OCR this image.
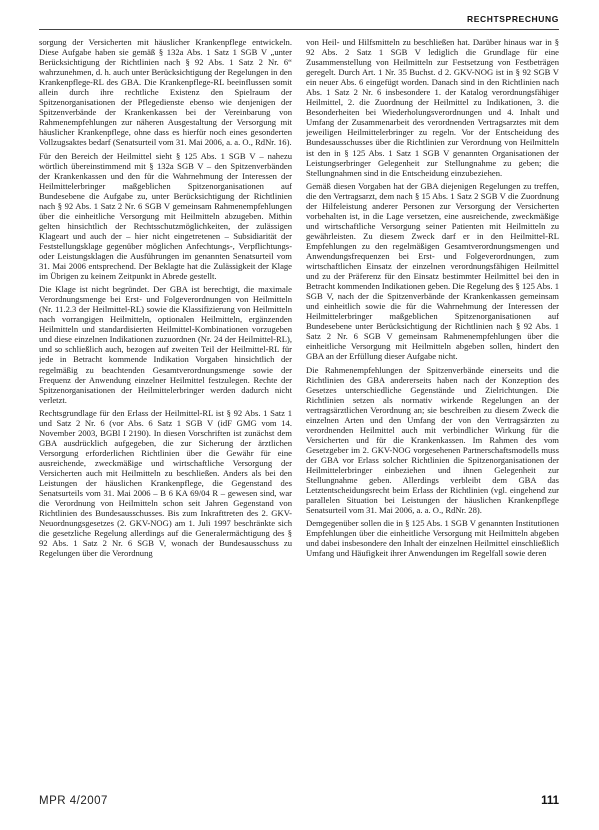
RECHTSPRECHUNG

sorgung der Versicherten mit häuslicher Krankenpflege entwickeln. Diese Aufgabe haben sie gemäß § 132a Abs. 1 Satz 1 SGB V „unter Berücksichtigung der Richtlinien nach § 92 Abs. 1 Satz 2 Nr. 6“ wahrzunehmen, d. h. auch unter Berücksichtigung der Regelungen in den Krankenpflege-RL des GBA. Die Krankenpflege-RL beeinflussen somit allein durch ihre rechtliche Existenz den Spielraum der Spitzenorganisationen der Pflegedienste ebenso wie denjenigen der Spitzenverbände der Krankenkassen bei der Vereinbarung von Rahmenempfehlungen zur näheren Ausgestaltung der Versorgung mit häuslicher Krankenpflege, ohne dass es hierfür noch eines gesonderten Vollzugsaktes bedarf (Senatsurteil vom 31. Mai 2006, a. a. O., RdNr. 16).

Für den Bereich der Heilmittel sieht § 125 Abs. 1 SGB V – nahezu wörtlich übereinstimmend mit § 132a SGB V – den Spitzenverbänden der Krankenkassen und den für die Wahrnehmung der Interessen der Heilmittelerbringer maßgeblichen Spitzenorganisationen auf Bundesebene die Aufgabe zu, unter Berücksichtigung der Richtlinien nach § 92 Abs. 1 Satz 2 Nr. 6 SGB V gemeinsam Rahmenempfehlungen über die einheitliche Versorgung mit Heilmitteln abzugeben. Mithin gelten hinsichtlich der Rechtsschutzmöglichkeiten, der zulässigen Klageart und auch der – hier nicht eingetretenen – Subsidiarität der Feststellungsklage gegenüber möglichen Anfechtungs-, Verpflichtungs- oder Leistungsklagen die Ausführungen im genannten Senatsurteil vom 31. Mai 2006 entsprechend. Der Beklagte hat die Zulässigkeit der Klage im Übrigen zu keinem Zeitpunkt in Abrede gestellt.

Die Klage ist nicht begründet. Der GBA ist berechtigt, die maximale Verordnungsmenge bei Erst- und Folgeverordnungen von Heilmitteln (Nr. 11.2.3 der Heilmittel-RL) sowie die Klassifizierung von Heilmitteln nach vorrangigen Heilmitteln, optionalen Heilmitteln, ergänzenden Heilmitteln und standardisierten Heilmittel-Kombinationen vorzugeben und diese einzelnen Indikationen zuzuordnen (Nr. 24 der Heilmittel-RL), und so schließlich auch, bezogen auf zweiten Teil der Heilmittel-RL für jede in Betracht kommende Indikation Vorgaben hinsichtlich der regelmäßig zu beachtenden Gesamtverordnungsmenge sowie der Frequenz der Anwendung einzelner Heilmittel festzulegen. Rechte der Spitzenorganisationen der Heilmittelerbringer werden dadurch nicht verletzt.

Rechtsgrundlage für den Erlass der Heilmittel-RL ist § 92 Abs. 1 Satz 1 und Satz 2 Nr. 6 (vor Abs. 6 Satz 1 SGB V (idF GMG vom 14. November 2003, BGBl I 2190). In diesen Vorschriften ist zunächst dem GBA ausdrücklich aufgegeben, die zur Sicherung der ärztlichen Versorgung erforderlichen Richtlinien über die Gewähr für eine ausreichende, zweckmäßige und wirtschaftliche Versorgung der Versicherten auch mit Heilmitteln zu beschließen. Anders als bei den Leistungen der häuslichen Krankenpflege, die Gegenstand des Senatsurteils vom 31. Mai 2006 – B 6 KA 69/04 R – gewesen sind, war die Verordnung von Heilmitteln schon seit Jahren Gegenstand von Richtlinien des Bundesausschusses. Bis zum Inkrafttreten des 2. GKV-Neuordnungsgesetzes (2. GKV-NOG) am 1. Juli 1997 beschränkte sich die gesetzliche Regelung allerdings auf die Generalermächtigung des § 92 Abs. 1 Satz 2 Nr. 6 SGB V, wonach der Bundesausschuss zu Regelungen über die Verordnung

von Heil- und Hilfsmitteln zu beschließen hat. Darüber hinaus war in § 92 Abs. 2 Satz 1 SGB V lediglich die Grundlage für eine Zusammenstellung von Heilmitteln zur Festsetzung von Festbeträgen geregelt. Durch Art. 1 Nr. 35 Buchst. d 2. GKV-NOG ist in § 92 SGB V ein neuer Abs. 6 eingefügt worden. Danach sind in den Richtlinien nach Abs. 1 Satz 2 Nr. 6 insbesondere 1. der Katalog verordnungsfähiger Heilmittel, 2. die Zuordnung der Heilmittel zu Indikationen, 3. die Besonderheiten bei Wiederholungsverordnungen und 4. Inhalt und Umfang der Zusammenarbeit des verordnenden Vertragsarztes mit dem jeweiligen Heilmittelerbringer zu regeln. Vor der Entscheidung des Bundesausschusses über die Richtlinien zur Verordnung von Heilmitteln ist den in § 125 Abs. 1 Satz 1 SGB V genannten Organisationen der Leistungserbringer Gelegenheit zur Stellungnahme zu geben; die Stellungnahmen sind in die Entscheidung einzubeziehen.

Gemäß diesen Vorgaben hat der GBA diejenigen Regelungen zu treffen, die den Vertragsarzt, dem nach § 15 Abs. 1 Satz 2 SGB V die Zuordnung der Hilfeleistung anderer Personen zur Versorgung der Versicherten vorbehalten ist, in die Lage versetzen, eine ausreichende, zweckmäßige und wirtschaftliche Versorgung seiner Patienten mit Heilmitteln zu gewährleisten. Zu diesem Zweck darf er in den Heilmittel-RL Empfehlungen zu den regelmäßigen Gesamtverordnungsmengen und Anwendungsfrequenzen bei Erst- und Folgeverordnungen, zum wirtschaftlichen Einsatz der einzelnen verordnungsfähigen Heilmittel und zu der Präferenz für den Einsatz bestimmter Heilmittel bei den in Betracht kommenden Indikationen geben. Die Regelung des § 125 Abs. 1 SGB V, nach der die Spitzenverbände der Krankenkassen gemeinsam und einheitlich sowie die für die Wahrnehmung der Interessen der Heilmittelerbringer maßgeblichen Spitzenorganisationen auf Bundesebene unter Berücksichtigung der Richtlinien nach § 92 Abs. 1 Satz 2 Nr. 6 SGB V gemeinsam Rahmenempfehlungen über die einheitliche Versorgung mit Heilmitteln abgeben sollen, hindert den GBA an der Erfüllung dieser Aufgabe nicht.

Die Rahmenempfehlungen der Spitzenverbände einerseits und die Richtlinien des GBA andererseits haben nach der Konzeption des Gesetzes unterschiedliche Gegenstände und Zielrichtungen. Die Richtlinien setzen als normativ wirkende Regelungen an der vertragsärztlichen Verordnung an; sie beschreiben zu diesem Zweck die einzelnen Arten und den Umfang der von den Vertragsärzten zu verordnenden Heilmittel auch mit verbindlicher Wirkung für die Versicherten und für die Krankenkassen. Im Rahmen des vom Gesetzgeber im 2. GKV-NOG vorgesehenen Partnerschaftsmodells muss der GBA vor Erlass solcher Richtlinien die Spitzenorganisationen der Heilmittelerbringer einbeziehen und ihnen Gelegenheit zur Stellungnahme geben. Allerdings verbleibt dem GBA das Letztentscheidungsrecht beim Erlass der Richtlinien (vgl. eingehend zur parallelen Situation bei Leistungen der häuslichen Krankenpflege Senatsurteil vom 31. Mai 2006, a. a. O., RdNr. 28).

Demgegenüber sollen die in § 125 Abs. 1 SGB V genannten Institutionen Empfehlungen über die einheitliche Versorgung mit Heilmitteln abgeben und dabei insbesondere den Inhalt der einzelnen Heilmittel einschließlich Umfang und Häufigkeit ihrer Anwendungen im Regelfall sowie deren

MPR 4/2007	111
